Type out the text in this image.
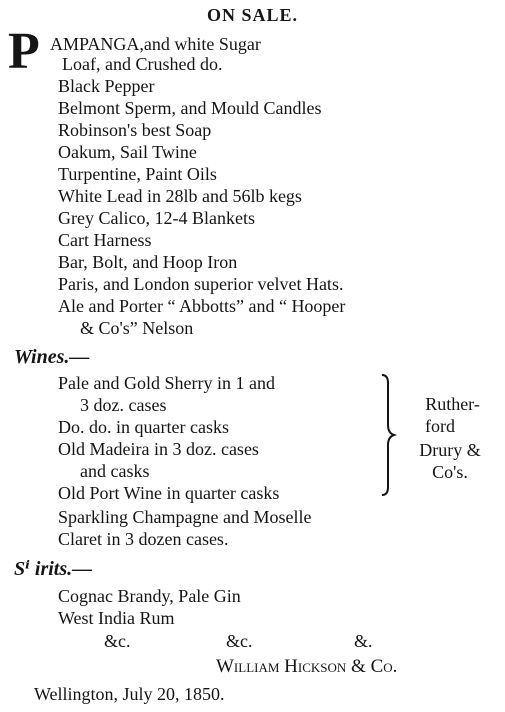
ON SALE.
P AMPANGA,and white Sugar
Loaf, and Crushed do.
Black Pepper
Belmont Sperm, and Mould Candles
Robinson's best Soap
Oakum, Sail Twine
Turpentine, Paint Oils
White Lead in 28lb and 56lb kegs
Grey Calico, 12-4 Blankets
Cart Harness
Bar, Bolt, and Hoop Iron
Paris, and London superior velvet Hats.
Ale and Porter “ Abbotts” and “ Hooper
& Co's” Nelson
Wines.—
Pale and Gold Sherry in 1 and
3 doz. cases
Do. do. in quarter casks
Old Madeira in 3 doz. cases
and casks
Old Port Wine in quarter casks
Ruther-
ford
Drury &
Co's.
Sparkling Champagne and Moselle
Claret in 3 dozen cases.
Sⁱ irits.—
Cognac Brandy, Pale Gin
West India Rum
&c.	&c.	&.
William Hickson & Co.
Wellington, July 20, 1850.
